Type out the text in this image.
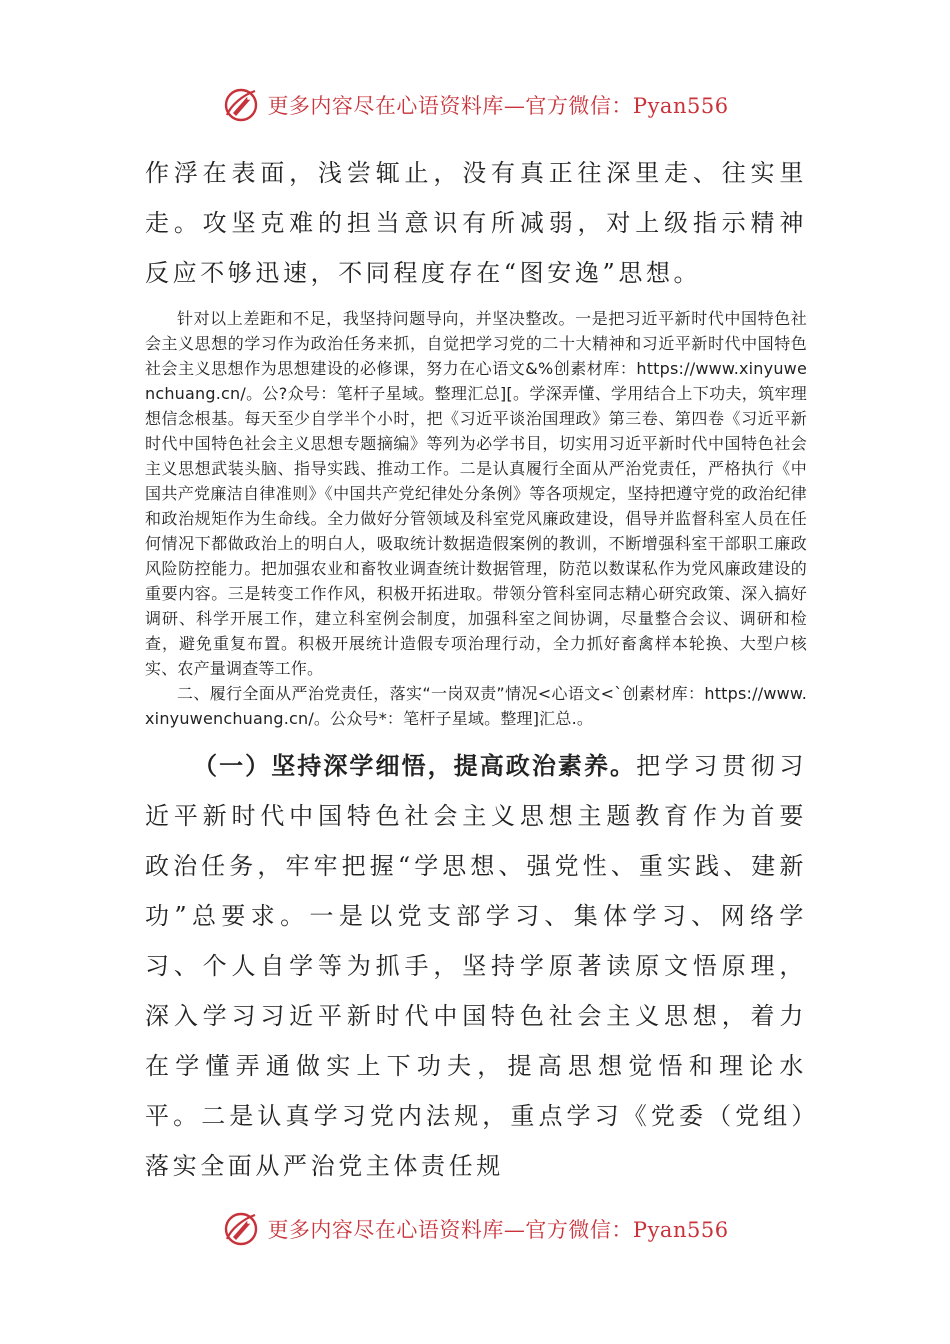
更多内容尽在心语资料库—官方微信：Pyan556

作浮在表面，浅尝辄止，没有真正往深里走、往实里走。攻坚克难的担当意识有所减弱，对上级指示精神反应不够迅速，不同程度存在“图安逸”思想。

针对以上差距和不足，我坚持问题导向，并坚决整改。一是把习近平新时代中国特色社会主义思想的学习作为政治任务来抓，自觉把学习党的二十大精神和习近平新时代中国特色社会主义思想作为思想建设的必修课，努力在心语文&%创素材库：https://www.xinyuwenchuang.cn/。公?众号：笔杆子星域。整理汇总][。学深弄懂、学用结合上下功夫，筑牢理想信念根基。每天至少自学半个小时，把《习近平谈治国理政》第三卷、第四卷《习近平新时代中国特色社会主义思想专题摘编》等列为必学书目，切实用习近平新时代中国特色社会主义思想武装头脑、指导实践、推动工作。二是认真履行全面从严治党责任，严格执行《中国共产党廉洁自律准则》《中国共产党纪律处分条例》等各项规定，坚持把遵守党的政治纪律和政治规矩作为生命线。全力做好分管领域及科室党风廉政建设，倡导并监督科室人员在任何情况下都做政治上的明白人，吸取统计数据造假案例的教训，不断增强科室干部职工廉政风险防控能力。把加强农业和畜牧业调查统计数据管理，防范以数谋私作为党风廉政建设的重要内容。三是转变工作作风，积极开拓进取。带领分管科室同志精心研究政策、深入搞好调研、科学开展工作，建立科室例会制度，加强科室之间协调，尽量整合会议、调研和检查，避免重复布置。积极开展统计造假专项治理行动，全力抓好畜禽样本轮换、大型户核实、农产量调查等工作。

二、履行全面从严治党责任，落实“一岗双责”情况<心语文<`创素材库：https://www.xinyuwenchuang.cn/。公众号*：笔杆子星域。整理]汇总.。

（一）坚持深学细悟，提高政治素养。把学习贯彻习近平新时代中国特色社会主义思想主题教育作为首要政治任务，牢牢把握“学思想、强党性、重实践、建新功”总要求。一是以党支部学习、集体学习、网络学习、个人自学等为抓手，坚持学原著读原文悟原理，深入学习习近平新时代中国特色社会主义思想，着力在学懂弄通做实上下功夫，提高思想觉悟和理论水平。二是认真学习党内法规，重点学习《党委（党组）落实全面从严治党主体责任规

更多内容尽在心语资料库—官方微信：Pyan556
